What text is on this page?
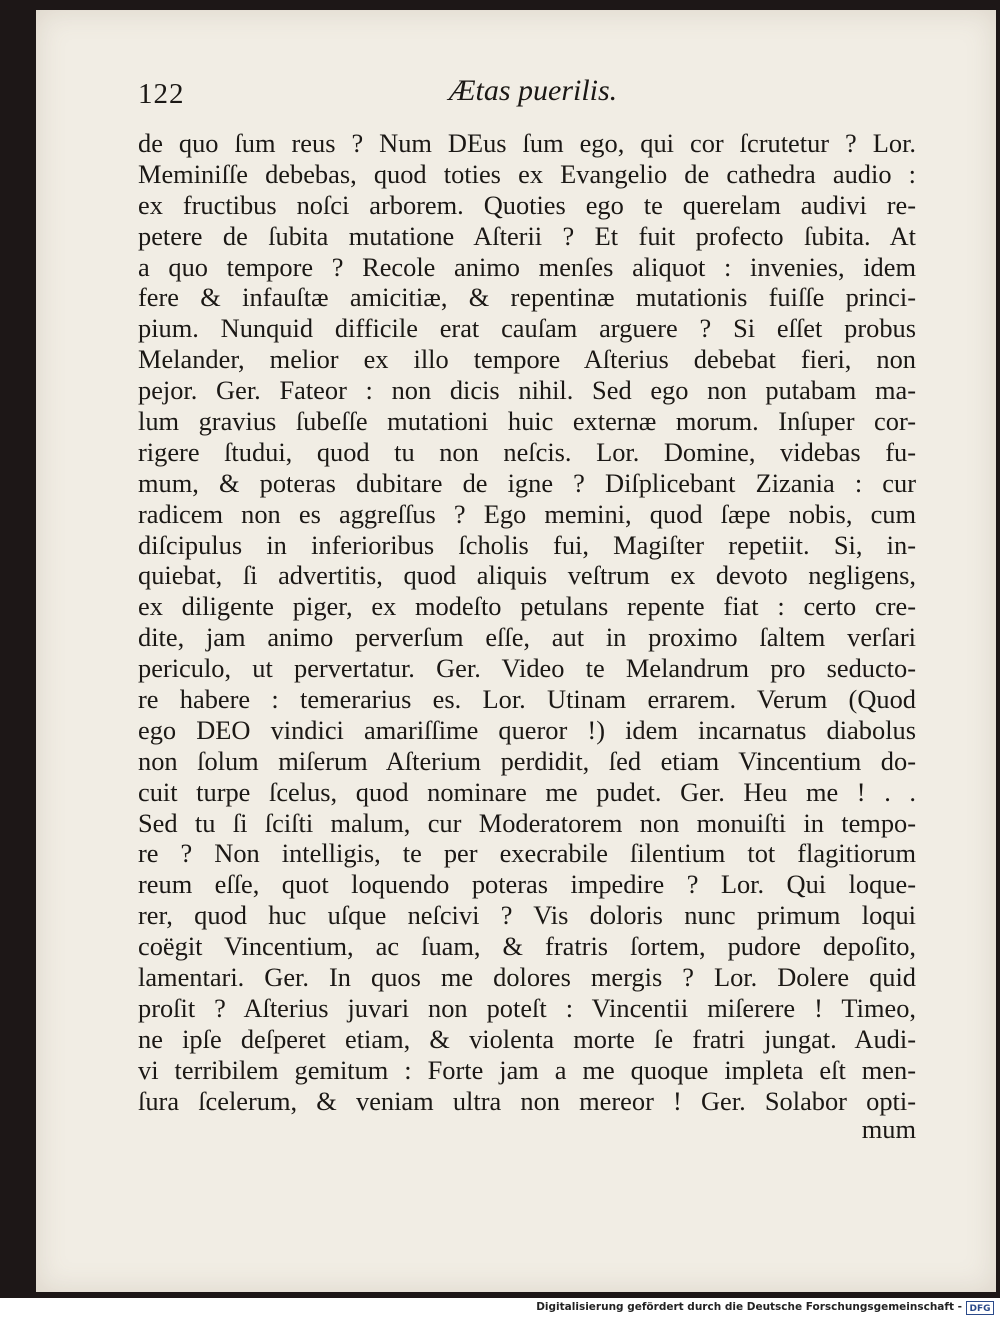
122	Ætas puerilis.
de quo ſum reus ? Num DEus ſum ego, qui cor ſcrutetur ? Lor.
Meminiſſe debebas, quod toties ex Evangelio de cathedra audio :
ex fructibus noſci arborem. Quoties ego te querelam audivi re-
petere de ſubita mutatione Aſterii ? Et fuit profecto ſubita. At
a quo tempore ? Recole animo menſes aliquot : invenies, idem
fere & infauſtæ amicitiæ, & repentinæ mutationis fuiſſe princi-
pium. Nunquid difficile erat cauſam arguere ? Si eſſet probus
Melander, melior ex illo tempore Aſterius debebat fieri, non
pejor. Ger. Fateor : non dicis nihil. Sed ego non putabam ma-
lum gravius ſubeſſe mutationi huic externæ morum. Inſuper cor-
rigere ſtudui, quod tu non neſcis. Lor. Domine, videbas fu-
mum, & poteras dubitare de igne ? Diſplicebant Zizania : cur
radicem non es aggreſſus ? Ego memini, quod ſæpe nobis, cum
diſcipulus in inferioribus ſcholis fui, Magiſter repetiit. Si, in-
quiebat, ſi advertitis, quod aliquis veſtrum ex devoto negligens,
ex diligente piger, ex modeſto petulans repente fiat : certo cre-
dite, jam animo perverſum eſſe, aut in proximo ſaltem verſari
periculo, ut pervertatur. Ger. Video te Melandrum pro seducto-
re habere : temerarius es. Lor. Utinam errarem. Verum (Quod
ego DEO vindici amariſſime queror !) idem incarnatus diabolus
non ſolum miſerum Aſterium perdidit, ſed etiam Vincentium do-
cuit turpe ſcelus, quod nominare me pudet. Ger. Heu me ! . .
Sed tu ſi ſciſti malum, cur Moderatorem non monuiſti in tempo-
re ? Non intelligis, te per execrabile ſilentium tot flagitiorum
reum eſſe, quot loquendo poteras impedire ? Lor. Qui loque-
rer, quod huc uſque neſcivi ? Vis doloris nunc primum loqui
coëgit Vincentium, ac ſuam, & fratris ſortem, pudore depoſito,
lamentari. Ger. In quos me dolores mergis ? Lor. Dolere quid
proſit ? Aſterius juvari non poteſt : Vincentii miſerere ! Timeo,
ne ipſe deſperet etiam, & violenta morte ſe fratri jungat. Audi-
vi terribilem gemitum : Forte jam a me quoque impleta eſt men-
ſura ſcelerum, & veniam ultra non mereor ! Ger. Solabor opti-
mum
Digitalisierung gefördert durch die Deutsche Forschungsgemeinschaft - DFG
